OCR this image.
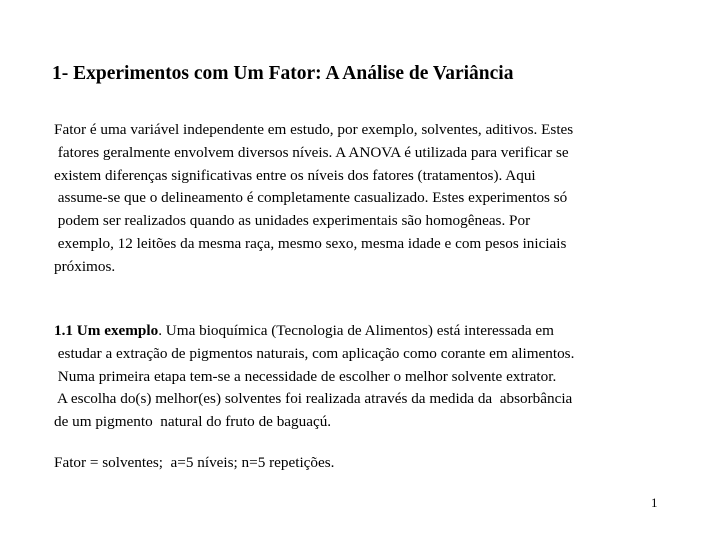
1- Experimentos com Um Fator: A Análise de Variância
Fator é uma variável independente em estudo, por exemplo, solventes, aditivos. Estes
fatores geralmente envolvem diversos níveis. A ANOVA é utilizada para verificar se
existem diferenças significativas entre os níveis dos fatores (tratamentos). Aqui
assume-se que o delineamento é completamente casualizado. Estes experimentos só
podem ser realizados quando as unidades experimentais são homogêneas. Por
exemplo, 12 leitões da mesma raça, mesmo sexo, mesma idade e com pesos iniciais
próximos.
1.1 Um exemplo. Uma bioquímica (Tecnologia de Alimentos) está interessada em
estudar a extração de pigmentos naturais, com aplicação como corante em alimentos.
Numa primeira etapa tem-se a necessidade de escolher o melhor solvente extrator.
A escolha do(s) melhor(es) solventes foi realizada através da medida da  absorbância
de um pigmento  natural do fruto de baguaçú.
Fator = solventes;  a=5 níveis; n=5 repetições.
1
